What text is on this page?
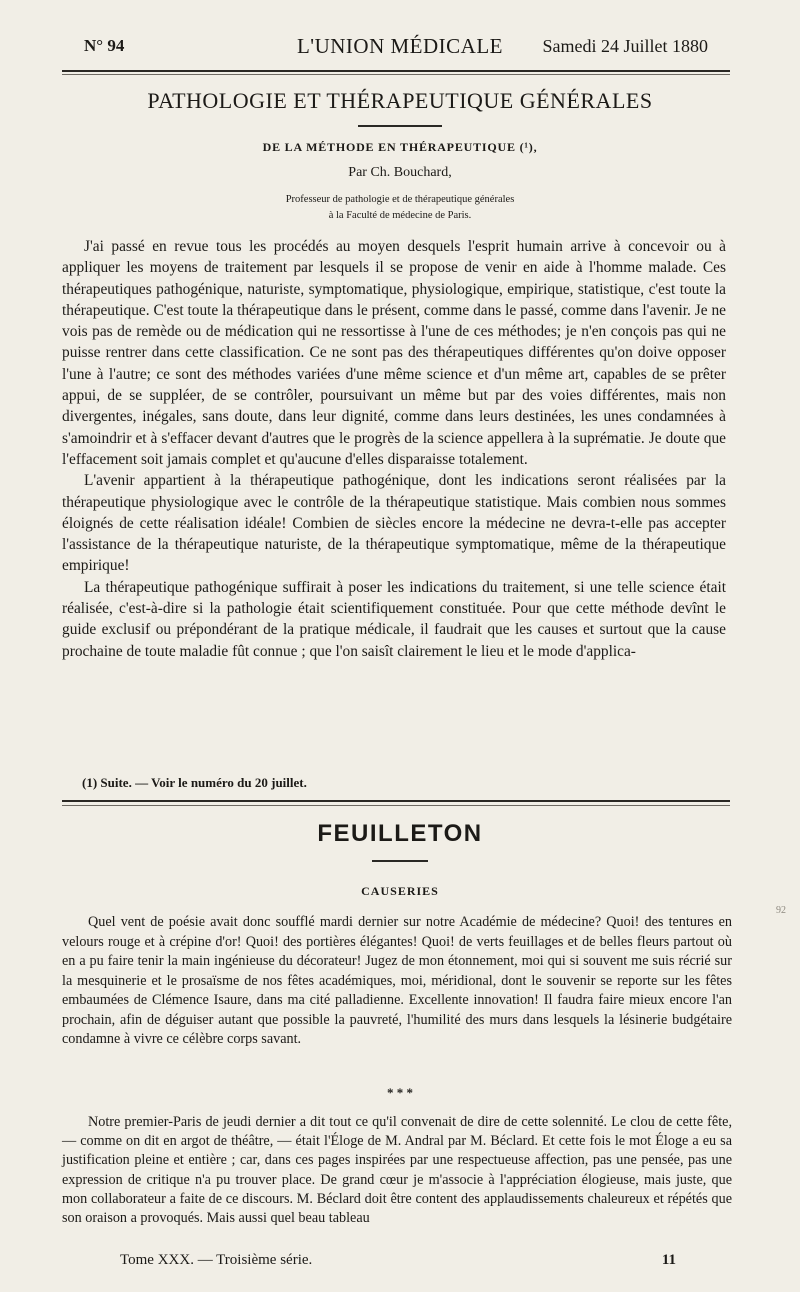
N° 94	L'UNION MÉDICALE	Samedi 24 Juillet 1880
PATHOLOGIE ET THÉRAPEUTIQUE GÉNÉRALES
DE LA MÉTHODE EN THÉRAPEUTIQUE (¹),
Par Ch. Bouchard,
Professeur de pathologie et de thérapeutique générales
à la Faculté de médecine de Paris.

J'ai passé en revue tous les procédés au moyen desquels l'esprit humain arrive à concevoir ou à appliquer les moyens de traitement par lesquels il se propose de venir en aide à l'homme malade. Ces thérapeutiques pathogénique, naturiste, symptomatique, physiologique, empirique, statistique, c'est toute la thérapeutique. C'est toute la thérapeutique dans le présent, comme dans le passé, comme dans l'avenir. Je ne vois pas de remède ou de médication qui ne ressortisse à l'une de ces méthodes; je n'en conçois pas qui ne puisse rentrer dans cette classification. Ce ne sont pas des thérapeutiques différentes qu'on doive opposer l'une à l'autre; ce sont des méthodes variées d'une même science et d'un même art, capables de se prêter appui, de se suppléer, de se contrôler, poursuivant un même but par des voies différentes, mais non divergentes, inégales, sans doute, dans leur dignité, comme dans leurs destinées, les unes condamnées à s'amoindrir et à s'effacer devant d'autres que le progrès de la science appellera à la suprématie. Je doute que l'effacement soit jamais complet et qu'aucune d'elles disparaisse totalement.

L'avenir appartient à la thérapeutique pathogénique, dont les indications seront réalisées par la thérapeutique physiologique avec le contrôle de la thérapeutique statistique. Mais combien nous sommes éloignés de cette réalisation idéale! Combien de siècles encore la médecine ne devra-t-elle pas accepter l'assistance de la thérapeutique naturiste, de la thérapeutique symptomatique, même de la thérapeutique empirique!

La thérapeutique pathogénique suffirait à poser les indications du traitement, si une telle science était réalisée, c'est-à-dire si la pathologie était scientifiquement constituée. Pour que cette méthode devînt le guide exclusif ou prépondérant de la pratique médicale, il faudrait que les causes et surtout que la cause prochaine de toute maladie fût connue ; que l'on saisît clairement le lieu et le mode d'applica-

(1) Suite. — Voir le numéro du 20 juillet.
FEUILLETON
CAUSERIES

Quel vent de poésie avait donc soufflé mardi dernier sur notre Académie de médecine? Quoi! des tentures en velours rouge et à crépine d'or! Quoi! des portières élégantes! Quoi! de verts feuillages et de belles fleurs partout où en a pu faire tenir la main ingénieuse du décorateur! Jugez de mon étonnement, moi qui si souvent me suis récrié sur la mesquinerie et le prosaïsme de nos fêtes académiques, moi, méridional, dont le souvenir se reporte sur les fêtes embaumées de Clémence Isaure, dans ma cité palladienne. Excellente innovation! Il faudra faire mieux encore l'an prochain, afin de déguiser autant que possible la pauvreté, l'humilité des murs dans lesquels la lésinerie budgétaire condamne à vivre ce célèbre corps savant.

* * *

Notre premier-Paris de jeudi dernier a dit tout ce qu'il convenait de dire de cette solennité. Le clou de cette fête, — comme on dit en argot de théâtre, — était l'Éloge de M. Andral par M. Béclard. Et cette fois le mot Éloge a eu sa justification pleine et entière ; car, dans ces pages inspirées par une respectueuse affection, pas une pensée, pas une expression de critique n'a pu trouver place. De grand cœur je m'associe à l'appréciation élogieuse, mais juste, que mon collaborateur a faite de ce discours. M. Béclard doit être content des applaudissements chaleureux et répétés que son oraison a provoqués. Mais aussi quel beau tableau

Tome XXX. — Troisième série.	11
92
